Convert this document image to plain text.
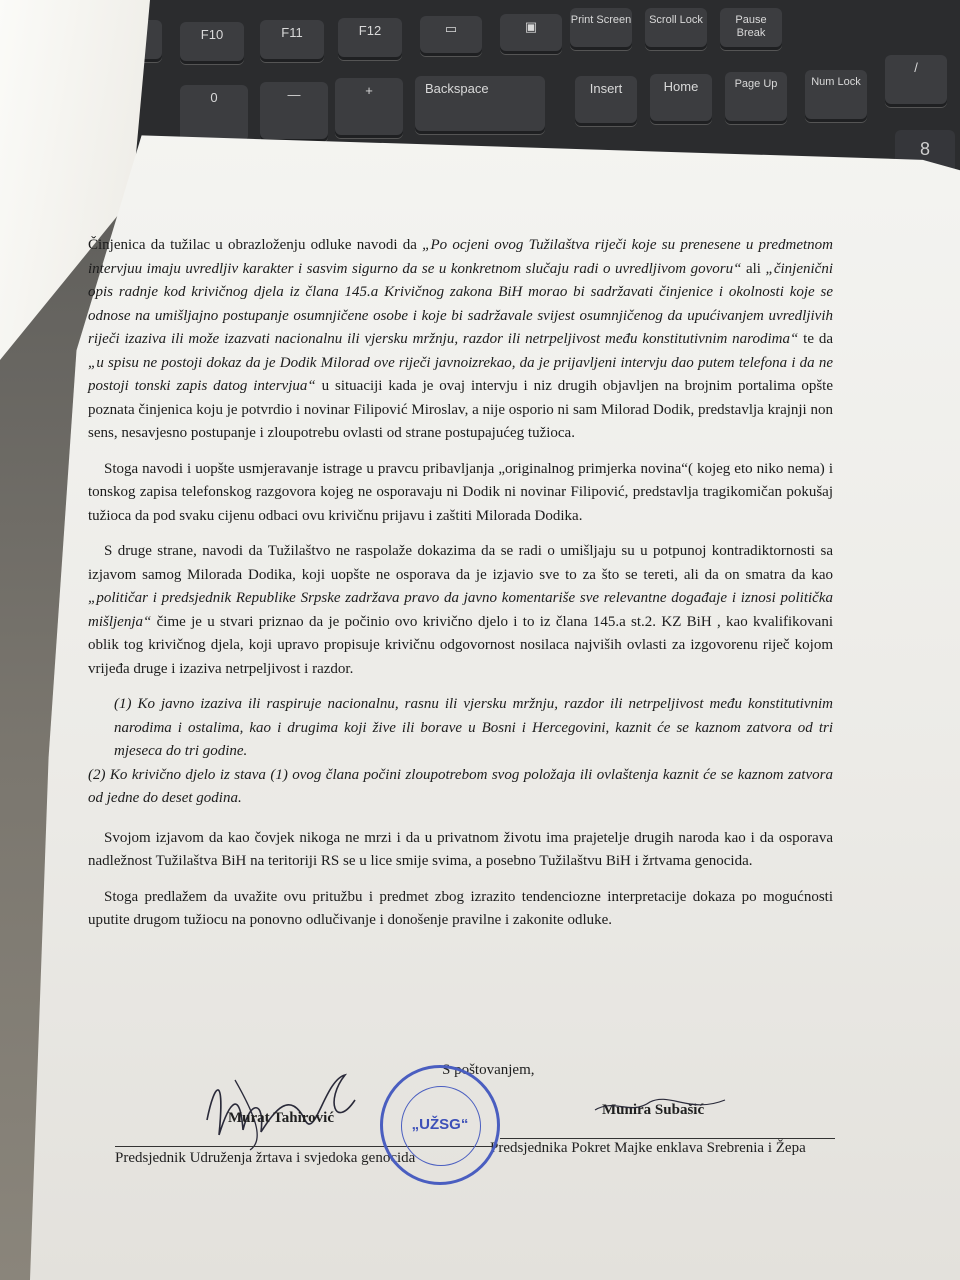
F10	F11	F12	▭	▣	Print Screen Scroll Lock	Pause Break
0	—	+	Backspace	Insert	Home	Page Up	Num Lock
/
8

Činjenica da tužilac u obrazloženju odluke navodi da „Po ocjeni ovog Tužilaštva riječi koje su prenesene u predmetnom intervjuu imaju uvredljiv karakter i sasvim sigurno da se u konkretnom slučaju radi o uvredljivom govoru“ ali „činjenični opis radnje kod krivičnog djela iz člana 145.a Krivičnog zakona BiH morao bi sadržavati činjenice i okolnosti koje se odnose na umišljajno postupanje osumnjičene osobe i koje bi sadržavale svijest osumnjičenog da upućivanjem uvredljivih riječi izaziva ili može izazvati nacionalnu ili vjersku mržnju, razdor ili netrpeljivost među konstitutivnim narodima“ te da „u spisu ne postoji dokaz da je Dodik Milorad ove riječi javnoizrekao, da je prijavljeni intervju dao putem telefona i da ne postoji tonski zapis datog intervjua“ u situaciji kada je ovaj intervju i niz drugih objavljen na brojnim portalima opšte poznata činjenica koju je potvrdio i novinar Filipović Miroslav, a nije osporio ni sam Milorad Dodik, predstavlja krajnji non sens, nesavjesno postupanje i zloupotrebu ovlasti od strane postupajućeg tužioca.

Stoga navodi i uopšte usmjeravanje istrage u pravcu pribavljanja „originalnog primjerka novina“( kojeg eto niko nema) i tonskog zapisa telefonskog razgovora kojeg ne osporavaju ni Dodik ni novinar Filipović, predstavlja tragikomičan pokušaj tužioca da pod svaku cijenu odbaci ovu krivičnu prijavu i zaštiti Milorada Dodika.

S druge strane, navodi da Tužilaštvo ne raspolaže dokazima da se radi o umišljaju su u potpunoj kontradiktornosti sa izjavom samog Milorada Dodika, koji uopšte ne osporava da je izjavio sve to za što se tereti, ali da on smatra da kao „političar i predsjednik Republike Srpske zadržava pravo da javno komentariše sve relevantne događaje i iznosi politička mišljenja“ čime je u stvari priznao da je počinio ovo krivično djelo i to iz člana 145.a st.2. KZ BiH , kao kvalifikovani oblik tog krivičnog djela, koji upravo propisuje krivičnu odgovornost nosilaca najviših ovlasti za izgovorenu riječ kojom vrijeđa druge i izaziva netrpeljivost i razdor.

(1) Ko javno izaziva ili raspiruje nacionalnu, rasnu ili vjersku mržnju, razdor ili netrpeljivost među konstitutivnim narodima i ostalima, kao i drugima koji žive ili borave u Bosni i Hercegovini, kaznit će se kaznom zatvora od tri mjeseca do tri godine.

(2) Ko krivično djelo iz stava (1) ovog člana počini zloupotrebom svog položaja ili ovlaštenja kaznit će se kaznom zatvora od jedne do deset godina.

Svojom izjavom da kao čovjek nikoga ne mrzi i da u privatnom životu ima prajetelje drugih naroda kao i da osporava nadležnost Tužilaštva BiH na teritoriji RS se u lice smije svima, a posebno Tužilaštvu BiH i žrtvama genocida.

Stoga predlažem da uvažite ovu pritužbu i predmet zbog izrazito tendenciozne interpretacije dokaza po mogućnosti uputite drugom tužiocu na ponovno odlučivanje i donošenje pravilne i zakonite odluke.

S poštovanjem,
Murat Tahirović	Munira Subašić
Predsjednik Udruženja žrtava i svjedoka genocida
Predsjednika Pokret Majke enklava Srebrenia i Žepa
„UŽSG“
